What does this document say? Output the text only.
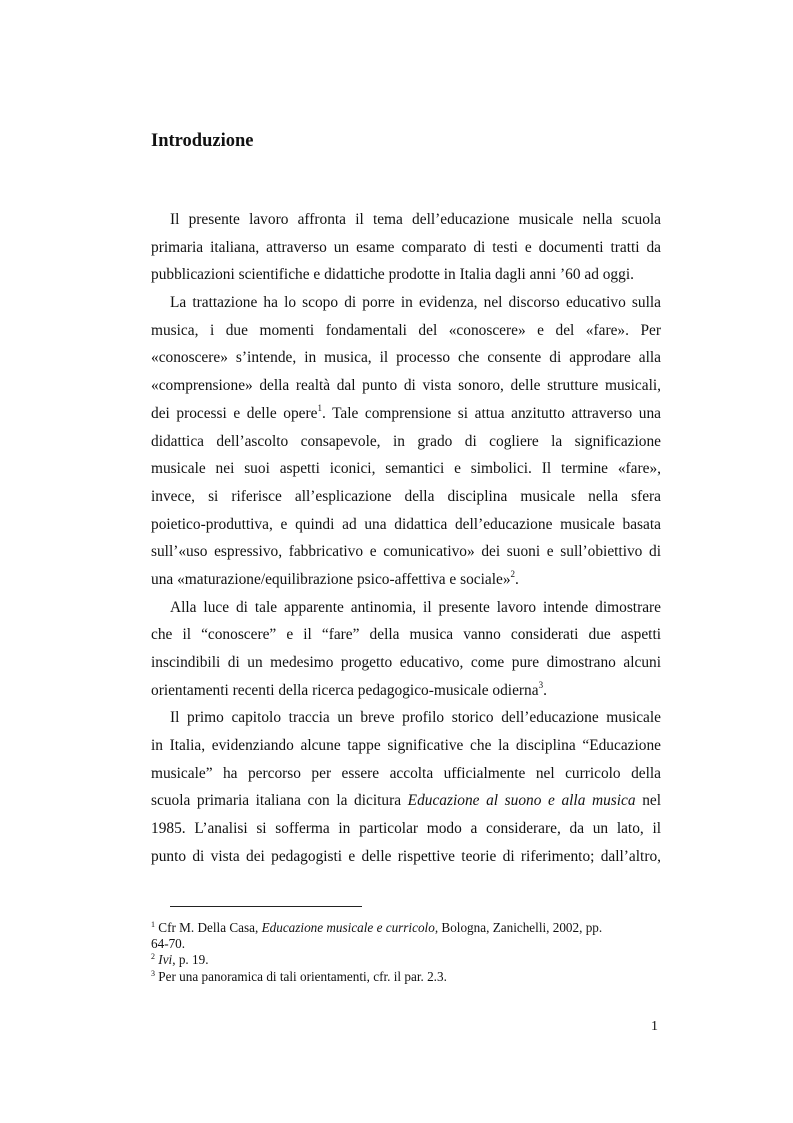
Introduzione
Il presente lavoro affronta il tema dell’educazione musicale nella scuola
primaria italiana, attraverso un esame comparato di testi e documenti tratti da
pubblicazioni scientifiche e didattiche prodotte in Italia dagli anni ’60 ad oggi.
La trattazione ha lo scopo di porre in evidenza, nel discorso educativo sulla
musica, i due momenti fondamentali del «conoscere» e del «fare». Per
«conoscere» s’intende, in musica, il processo che consente di approdare alla
«comprensione» della realtà dal punto di vista sonoro, delle strutture musicali,
dei processi e delle opere$^1$. Tale comprensione si attua anzitutto attraverso una
didattica dell’ascolto consapevole, in grado di cogliere la significazione
musicale nei suoi aspetti iconici, semantici e simbolici. Il termine «fare»,
invece, si riferisce all’esplicazione della disciplina musicale nella sfera
poietico-produttiva, e quindi ad una didattica dell’educazione musicale basata
sull’«uso espressivo, fabbricativo e comunicativo» dei suoni e sull’obiettivo di
una «maturazione/equilibrazione psico-affettiva e sociale»$^2$.
Alla luce di tale apparente antinomia, il presente lavoro intende dimostrare
che il “conoscere” e il “fare” della musica vanno considerati due aspetti
inscindibili di un medesimo progetto educativo, come pure dimostrano alcuni
orientamenti recenti della ricerca pedagogico-musicale odierna$^3$.
Il primo capitolo traccia un breve profilo storico dell’educazione musicale
in Italia, evidenziando alcune tappe significative che la disciplina “Educazione
musicale” ha percorso per essere accolta ufficialmente nel curricolo della
scuola primaria italiana con la dicitura Educazione al suono e alla musica nel
1985. L’analisi si sofferma in particolar modo a considerare, da un lato, il
punto di vista dei pedagogisti e delle rispettive teorie di riferimento; dall’altro,
$^1$ Cfr M. Della Casa, Educazione musicale e curricolo, Bologna, Zanichelli, 2002, pp.
64-70.
$^2$ Ivi, p. 19.
$^3$ Per una panoramica di tali orientamenti, cfr. il par. 2.3.
1
